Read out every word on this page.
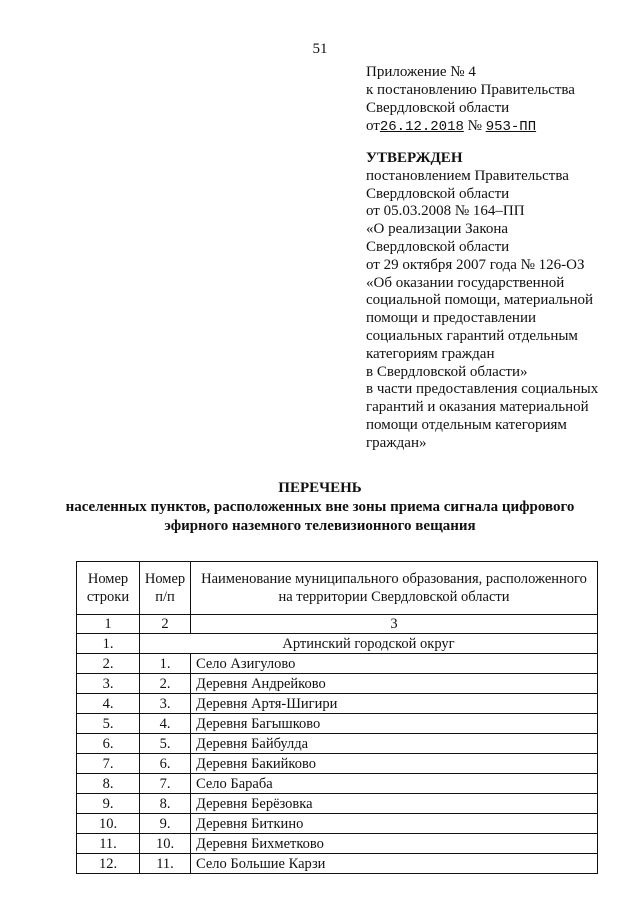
51
Приложение № 4
к постановлению Правительства
Свердловской области
от26.12.2018 № 953-ПП
УТВЕРЖДЕН
постановлением Правительства
Свердловской области
от 05.03.2008 № 164–ПП
«О реализации Закона
Свердловской области
от 29 октября 2007 года № 126-ОЗ
«Об оказании государственной
социальной помощи, материальной
помощи и предоставлении
социальных гарантий отдельным
категориям граждан
в Свердловской области»
в части предоставления социальных
гарантий и оказания материальной
помощи отдельным категориям
граждан»
ПЕРЕЧЕНЬ
населенных пунктов, расположенных вне зоны приема сигнала цифрового
эфирного наземного телевизионного вещания
Номер строки	Номер п/п	Наименование муниципального образования, расположенного на территории Свердловской области
1	2	3
1.	Артинский городской округ	
2.	1.	Село Азигулово
3.	2.	Деревня Андрейково
4.	3.	Деревня Артя-Шигири
5.	4.	Деревня Багышково
6.	5.	Деревня Байбулда
7.	6.	Деревня Бакийково
8.	7.	Село Бараба
9.	8.	Деревня Берёзовка
10.	9.	Деревня Биткино
11.	10.	Деревня Бихметково
12.	11.	Село Большие Карзи
